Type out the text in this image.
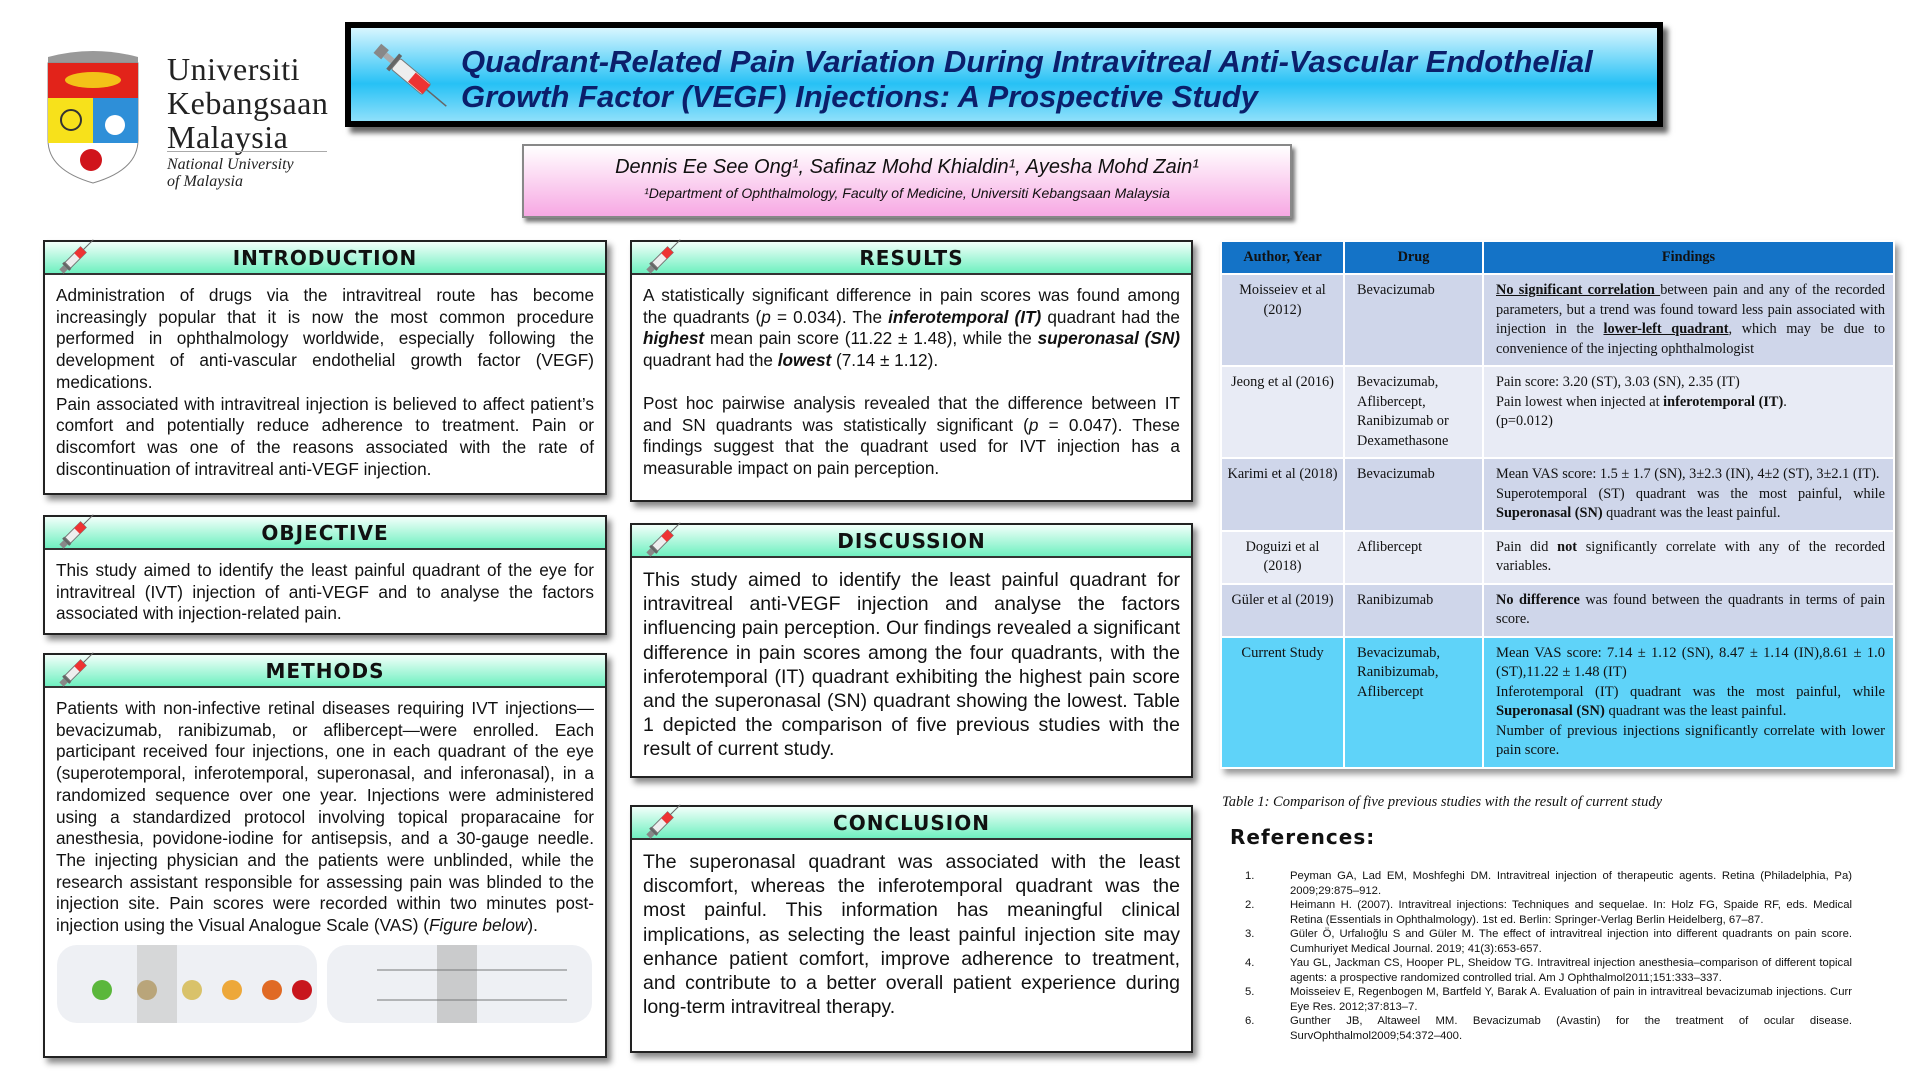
Universiti
Kebangsaan
Malaysia
National University
of Malaysia
Quadrant-Related Pain Variation During Intravitreal Anti-Vascular Endothelial Growth Factor (VEGF) Injections: A Prospective Study
Dennis Ee See Ong¹, Safinaz Mohd Khialdin¹, Ayesha Mohd Zain¹
¹Department of Ophthalmology, Faculty of Medicine, Universiti Kebangsaan Malaysia
INTRODUCTION

Administration of drugs via the intravitreal route has become increasingly popular that it is now the most common procedure performed in ophthalmology worldwide, especially following the development of anti-vascular endothelial growth factor (VEGF) medications.

Pain associated with intravitreal injection is believed to affect patient’s comfort and potentially reduce adherence to treatment. Pain or discomfort was one of the reasons associated with the rate of discontinuation of intravitreal anti-VEGF injection.

OBJECTIVE

This study aimed to identify the least painful quadrant of the eye for intravitreal (IVT) injection of anti-VEGF and to analyse the factors associated with injection-related pain.

METHODS

Patients with non-infective retinal diseases requiring IVT injections—bevacizumab, ranibizumab, or aflibercept—were enrolled. Each participant received four injections, one in each quadrant of the eye (superotemporal, inferotemporal, superonasal, and inferonasal), in a randomized sequence over one year. Injections were administered using a standardized protocol involving topical proparacaine for anesthesia, povidone-iodine for antisepsis, and a 30-gauge needle. The injecting physician and the patients were unblinded, while the research assistant responsible for assessing pain was blinded to the injection site. Pain scores were recorded within two minutes post-injection using the Visual Analogue Scale (VAS) (Figure below).

RESULTS

A statistically significant difference in pain scores was found among the quadrants (p = 0.034). The inferotemporal (IT) quadrant had the highest mean pain score (11.22 ± 1.48), while the superonasal (SN) quadrant had the lowest (7.14 ± 1.12).

Post hoc pairwise analysis revealed that the difference between IT and SN quadrants was statistically significant (p = 0.047). These findings suggest that the quadrant used for IVT injection has a measurable impact on pain perception.

DISCUSSION

This study aimed to identify the least painful quadrant for intravitreal anti-VEGF injection and analyse the factors influencing pain perception. Our findings revealed a significant difference in pain scores among the four quadrants, with the inferotemporal (IT) quadrant exhibiting the highest pain score and the superonasal (SN) quadrant showing the lowest. Table 1 depicted the comparison of five previous studies with the result of current study.

CONCLUSION

The superonasal quadrant was associated with the least discomfort, whereas the inferotemporal quadrant was the most painful. This information has meaningful clinical implications, as selecting the least painful injection site may enhance patient comfort, improve adherence to treatment, and contribute to a better overall patient experience during long-term intravitreal therapy.

Author, Year	Drug	Findings
Moisseiev et al (2012)	Bevacizumab	No significant correlation between pain and any of the recorded parameters, but a trend was found toward less pain associated with injection in the lower-left quadrant, which may be due to convenience of the injecting ophthalmologist
Jeong et al (2016)	Bevacizumab, Aflibercept, Ranibizumab or Dexamethasone	Pain score: 3.20 (ST), 3.03 (SN), 2.35 (IT)
Pain lowest when injected at inferotemporal (IT).
(p=0.012)
Karimi et al (2018)	Bevacizumab	Mean VAS score: 1.5 ± 1.7 (SN), 3±2.3 (IN), 4±2 (ST), 3±2.1 (IT).
Superotemporal (ST) quadrant was the most painful, while Superonasal (SN) quadrant was the least painful.
Doguizi et al (2018)	Aflibercept	Pain did not significantly correlate with any of the recorded variables.
Güler et al (2019)	Ranibizumab	No difference was found between the quadrants in terms of pain score.
Current Study	Bevacizumab, Ranibizumab, Aflibercept	Mean VAS score: 7.14 ± 1.12 (SN), 8.47 ± 1.14 (IN),8.61 ± 1.0 (ST),11.22 ± 1.48 (IT)
Inferotemporal (IT) quadrant was the most painful, while Superonasal (SN) quadrant was the least painful.
Number of previous injections significantly correlate with lower pain score.
Table 1: Comparison of five previous studies with the result of current study
References:
1.	Peyman GA, Lad EM, Moshfeghi DM. Intravitreal injection of therapeutic agents. Retina (Philadelphia, Pa) 2009;29:875–912.
2.	Heimann H. (2007). Intravitreal injections: Techniques and sequelae. In: Holz FG, Spaide RF, eds. Medical Retina (Essentials in Ophthalmology). 1st ed. Berlin: Springer-Verlag Berlin Heidelberg, 67–87.
3.	Güler Ö, Urfalıoğlu S and Güler M. The effect of intravitreal injection into different quadrants on pain score. Cumhuriyet Medical Journal. 2019; 41(3):653-657.
4.	Yau GL, Jackman CS, Hooper PL, Sheidow TG. Intravitreal injection anesthesia–comparison of different topical agents: a prospective randomized controlled trial. Am J Ophthalmol2011;151:333–337.
5.	Moisseiev E, Regenbogen M, Bartfeld Y, Barak A. Evaluation of pain in intravitreal bevacizumab injections. Curr Eye Res. 2012;37:813–7.
6.	Gunther JB, Altaweel MM. Bevacizumab (Avastin) for the treatment of ocular disease. SurvOphthalmol2009;54:372–400.
